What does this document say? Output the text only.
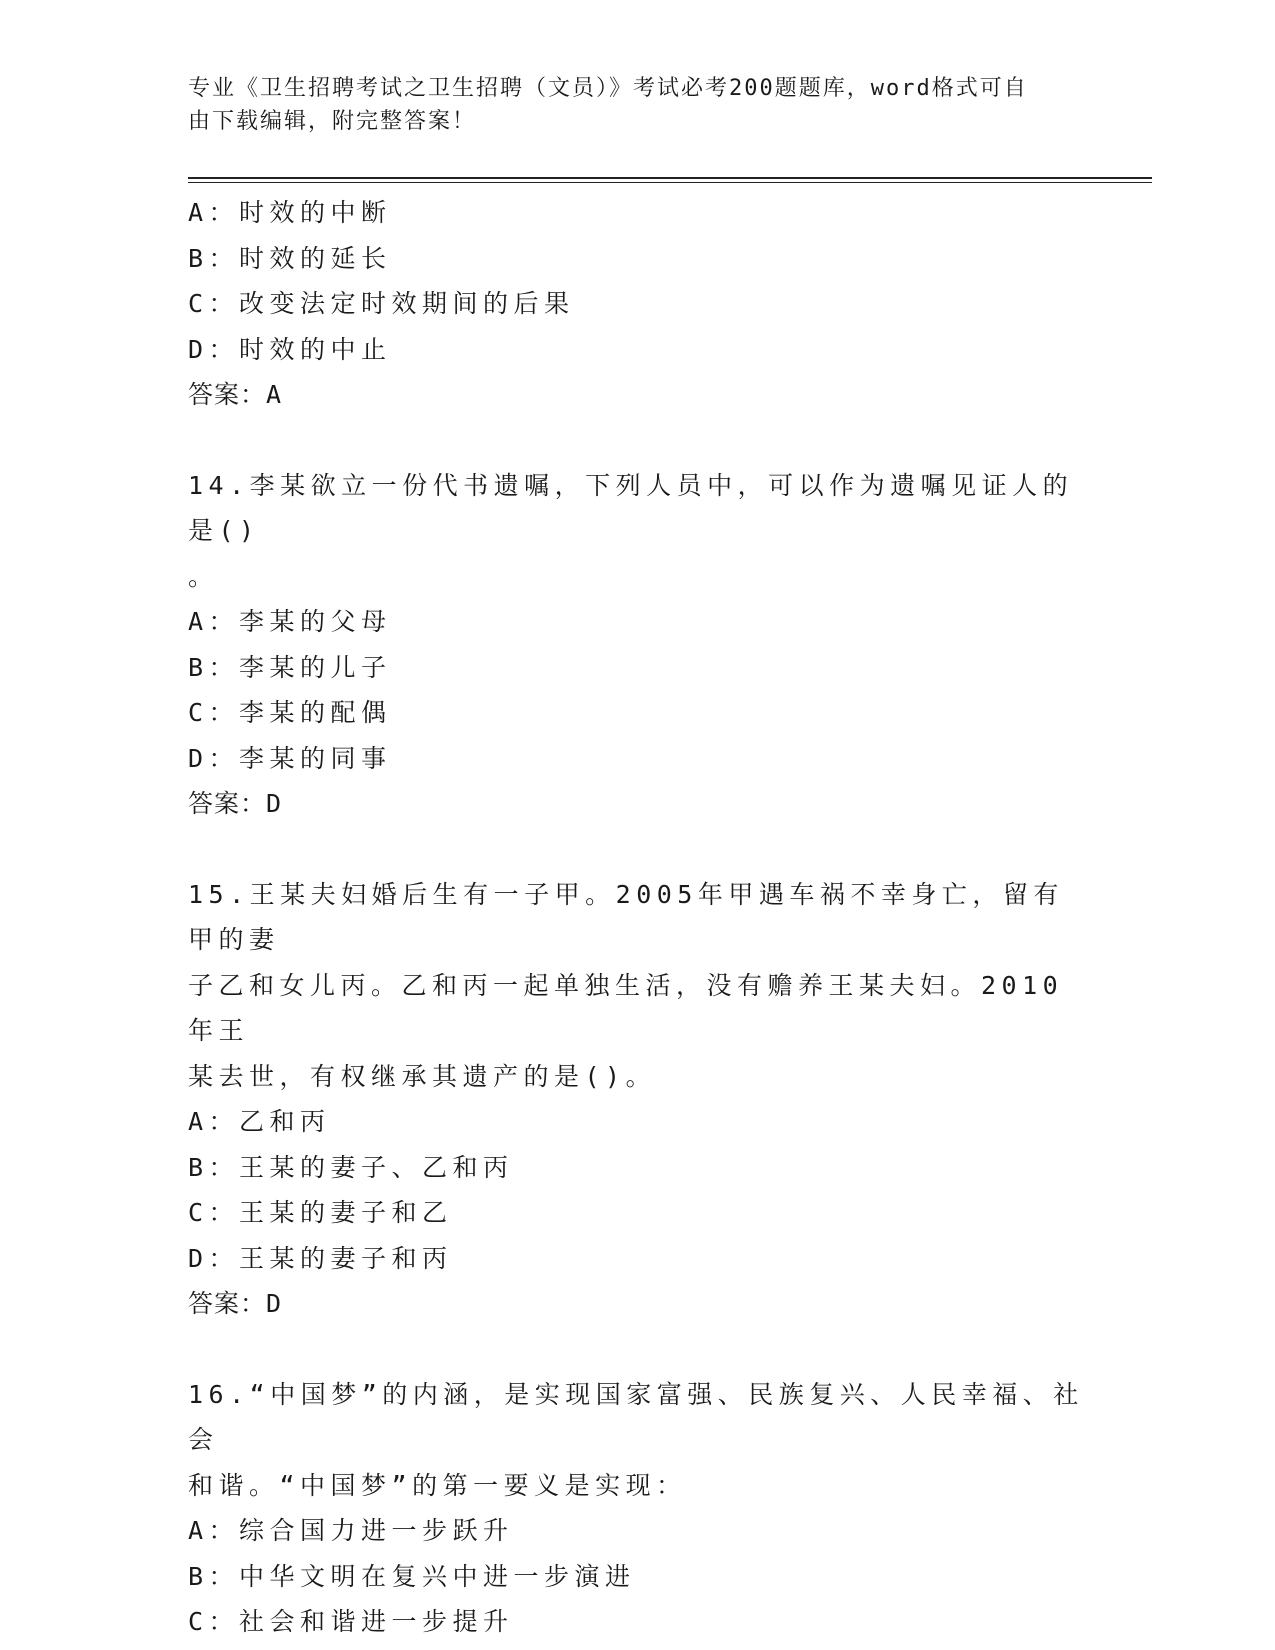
专业《卫生招聘考试之卫生招聘（文员）》考试必考200题题库，word格式可自
由下载编辑，附完整答案！
A：时效的中断
B：时效的延长
C：改变法定时效期间的后果
D：时效的中止
答案：A
14.李某欲立一份代书遗嘱，下列人员中，可以作为遗嘱见证人的是()
。
A：李某的父母
B：李某的儿子
C：李某的配偶
D：李某的同事
答案：D
15.王某夫妇婚后生有一子甲。2005年甲遇车祸不幸身亡，留有甲的妻
子乙和女儿丙。乙和丙一起单独生活，没有赡养王某夫妇。2010年王
某去世，有权继承其遗产的是()。
A：乙和丙
B：王某的妻子、乙和丙
C：王某的妻子和乙
D：王某的妻子和丙
答案：D
16.“中国梦”的内涵，是实现国家富强、民族复兴、人民幸福、社会
和谐。“中国梦”的第一要义是实现：
A：综合国力进一步跃升
B：中华文明在复兴中进一步演进
C：社会和谐进一步提升
